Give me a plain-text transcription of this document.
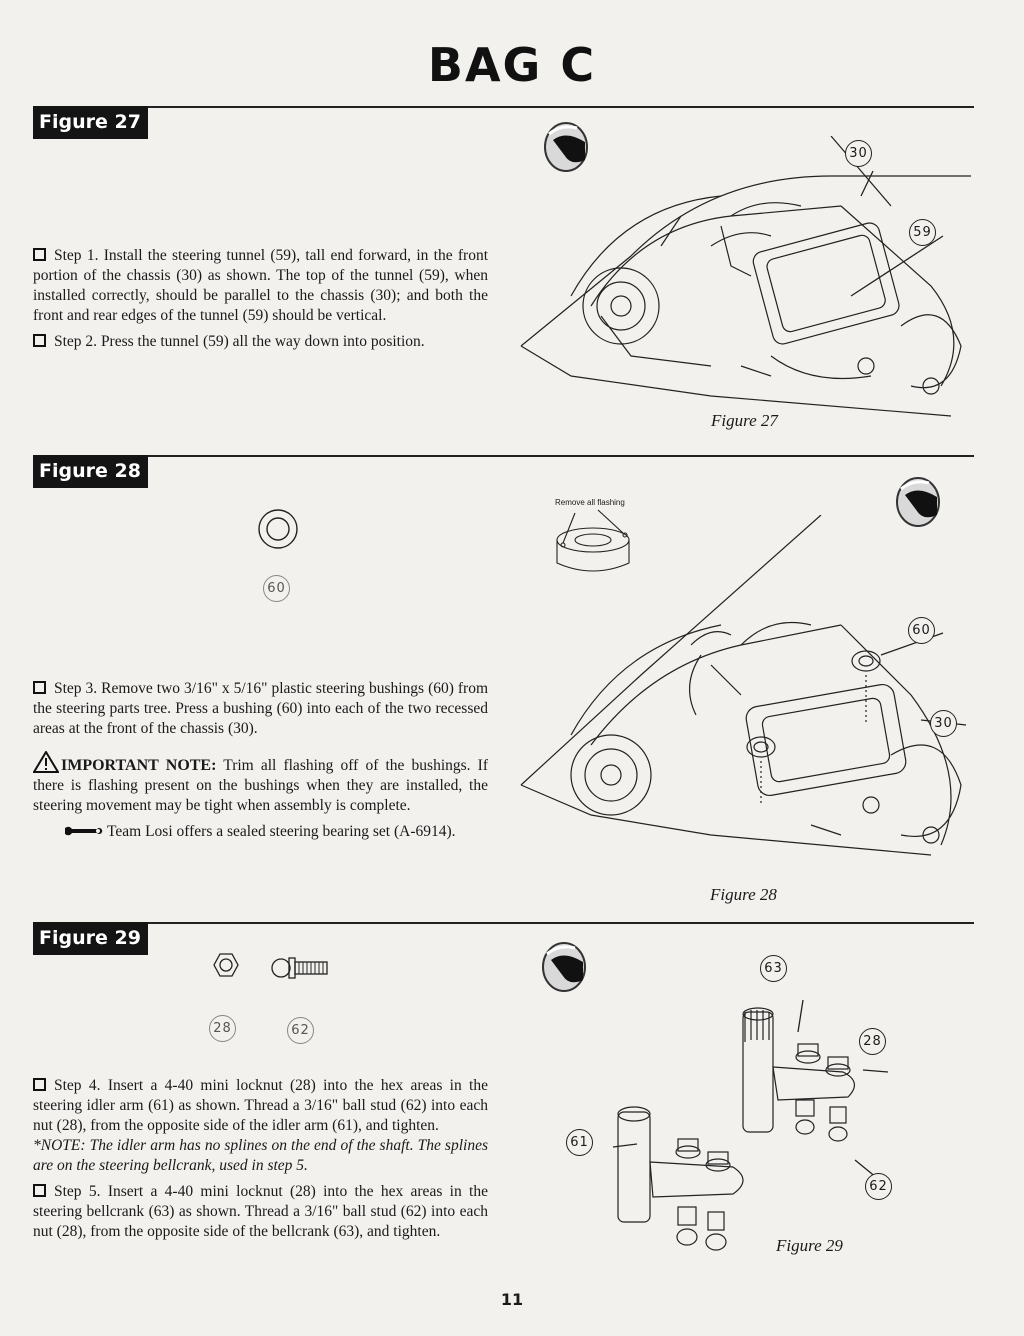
BAG C
Figure 27

Step 1. Install the steering tunnel (59), tall end forward, in the front portion of the chassis (30) as shown. The top of the tunnel (59), when installed correctly, should be parallel to the chassis (30); and both the front and rear edges of the tunnel (59) should be vertical.

Step 2. Press the tunnel (59) all the way down into position.

30
59
Figure 27
Figure 28
60
Remove all flashing

Step 3. Remove two 3/16" x 5/16" plastic steering bushings (60) from the steering parts tree. Press a bushing (60) into each of the two recessed areas at the front of the chassis (30).

IMPORTANT NOTE: Trim all flashing off of the bushings. If there is flashing present on the bushings when they are installed, the steering movement may be tight when assembly is complete.

Team Losi offers a sealed steering bearing set (A-6914).

60
30
Figure 28
Figure 29
28	62

Step 4. Insert a 4-40 mini locknut (28) into the hex areas in the steering idler arm (61) as shown. Thread a 3/16" ball stud (62) into each nut (28), from the opposite side of the idler arm (61), and tighten.

*NOTE: The idler arm has no splines on the end of the shaft. The splines are on the steering bellcrank, used in step 5.

Step 5. Insert a 4-40 mini locknut (28) into the hex areas in the steering bellcrank (63) as shown. Thread a 3/16" ball stud (62) into each nut (28), from the opposite side of the bellcrank (63), and tighten.

63
28
61
62
Figure 29
11
